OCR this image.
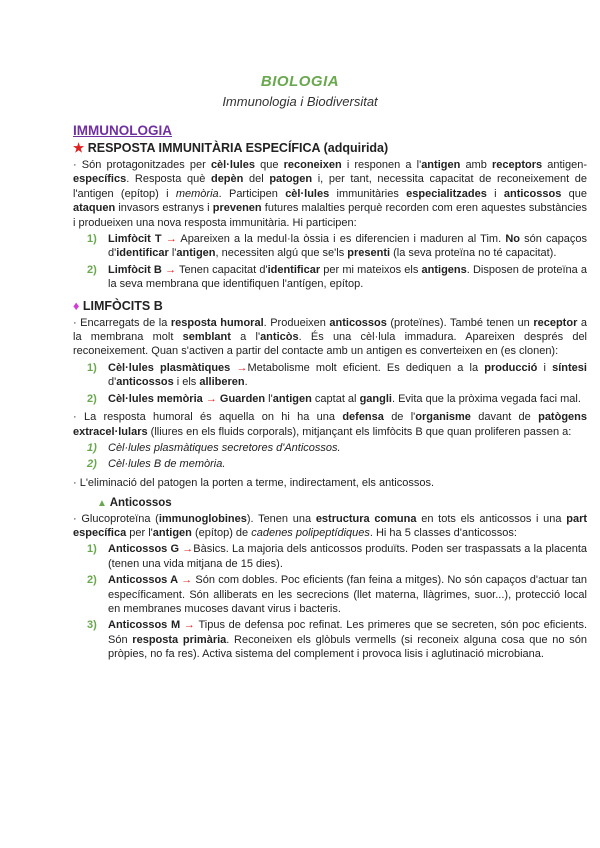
BIOLOGIA
Immunologia i Biodiversitat
IMMUNOLOGIA
★ RESPOSTA IMMUNITÀRIA ESPECÍFICA (adquirida)

· Són protagonitzades per cèl·lules que reconeixen i responen a l'antigen amb receptors antigen-específics. Resposta què depèn del patogen i, per tant, necessita capacitat de reconeixement de l'antigen (epítop) i memòria. Participen cèl·lules immunitàries especialitzades i anticossos que ataquen invasors estranys i prevenen futures malalties perquè recorden com eren aquestes substàncies i produeixen una nova resposta immunitària. Hi participen:

1) Limfòcit T → Apareixen a la medul·la òssia i es diferencien i maduren al Tim. No són capaços d'identificar l'antigen, necessiten algú que se'ls presenti (la seva proteïna no té capacitat).
2) Limfòcit B → Tenen capacitat d'identificar per mi mateixos els antigens. Disposen de proteïna a la seva membrana que identifiquen l'antígen, epítop.
♦ LIMFÒCITS B

· Encarregats de la resposta humoral. Produeixen anticossos (proteïnes). També tenen un receptor a la membrana molt semblant a l'anticòs. És una cèl·lula immadura. Apareixen després del reconeixement. Quan s'activen a partir del contacte amb un antigen es converteixen en (es clonen):

1) Cèl·lules plasmàtiques →Metabolisme molt eficient. Es dediquen a la producció i síntesi d'anticossos i els alliberen.
2) Cèl·lules memòria → Guarden l'antigen captat al gangli. Evita que la pròxima vegada faci mal.

· La resposta humoral és aquella on hi ha una defensa de l'organisme davant de patògens extracel·lulars (lliures en els fluids corporals), mitjançant els limfòcits B que quan proliferen passen a:

1) Cèl·lules plasmàtiques secretores d'Anticossos.
2) Cèl·lules B de memòria.

· L'eliminació del patogen la porten a terme, indirectament, els anticossos.

▲ Anticossos

· Glucoproteïna (immunoglobines). Tenen una estructura comuna en tots els anticossos i una part específica per l'antigen (epítop) de cadenes polipeptídiques. Hi ha 5 classes d'anticossos:

1) Anticossos G →Bàsics. La majoria dels anticossos produïts. Poden ser traspassats a la placenta (tenen una vida mitjana de 15 dies).
2) Anticossos A → Són com dobles. Poc eficients (fan feina a mitges). No són capaços d'actuar tan específicament. Són alliberats en les secrecions (llet materna, llàgrimes, suor...), protecció local en membranes mucoses davant virus i bacteris.
3) Anticossos M → Tipus de defensa poc refinat. Les primeres que se secreten, són poc eficients. Són resposta primària. Reconeixen els glòbuls vermells (si reconeix alguna cosa que no són pròpies, no fa res). Activa sistema del complement i provoca lisis i aglutinació microbiana.
